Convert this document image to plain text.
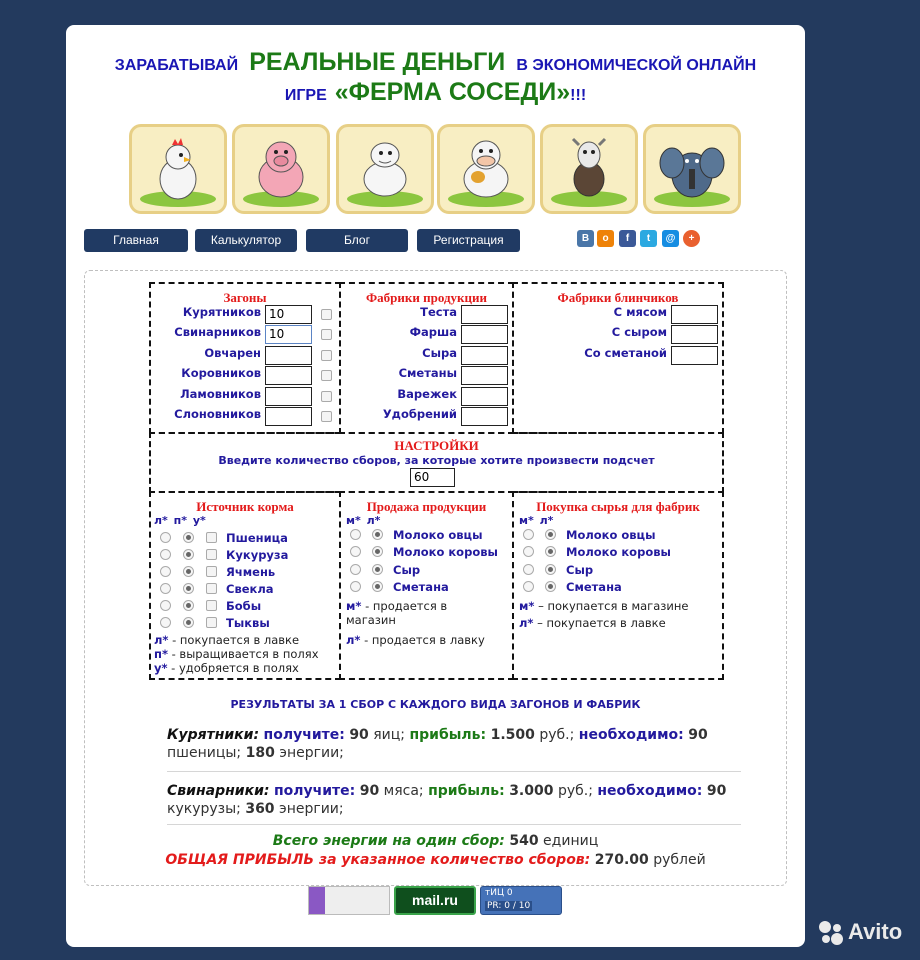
ЗАРАБАТЫВАЙ РЕАЛЬНЫЕ ДЕНЬГИ В ЭКОНОМИЧЕСКОЙ ОНЛАЙН
ИГРЕ «ФЕРМА СОСЕДИ»!!!
Главная	Калькулятор	Блог	Регистрация	В	о	f	t	@	+
Загоны
Курятников 10
Свинарников 10
Овчарен
Коровников
Ламовников
Слоновников
Фабрики продукции
Теста
Фарша
Сыра
Сметаны
Варежек
Удобрений
Фабрики блинчиков
С мясом
С сыром
Со сметаной
НАСТРОЙКИ
Введите количество сборов, за которые хотите произвести подсчет
60
Источник корма
л* п* у*
Пшеница
Кукуруза
Ячмень
Свекла
Бобы
Тыквы
л* - покупается в лавке
п* - выращивается в полях
у* - удобряется в полях
Продажа продукции
м* л*
Молоко овцы
Молоко коровы
Сыр
Сметана
м* - продается в
магазин
л* - продается в лавку
Покупка сырья для фабрик
м* л*
Молоко овцы
Молоко коровы
Сыр
Сметана
м* – покупается в магазине
л* – покупается в лавке
РЕЗУЛЬТАТЫ ЗА 1 СБОР С КАЖДОГО ВИДА ЗАГОНОВ И ФАБРИК
Курятники: получите: 90 яиц; прибыль: 1.500 руб.; необходимо: 90 пшеницы; 180 энергии;
Свинарники: получите: 90 мяса; прибыль: 3.000 руб.; необходимо: 90 кукурузы; 360 энергии;
Всего энергии на один сбор: 540 единиц
ОБЩАЯ ПРИБЫЛЬ за указанное количество сборов: 270.00 рублей
mail.ru	тИЦ 0
PR: 0 / 10
Avito
